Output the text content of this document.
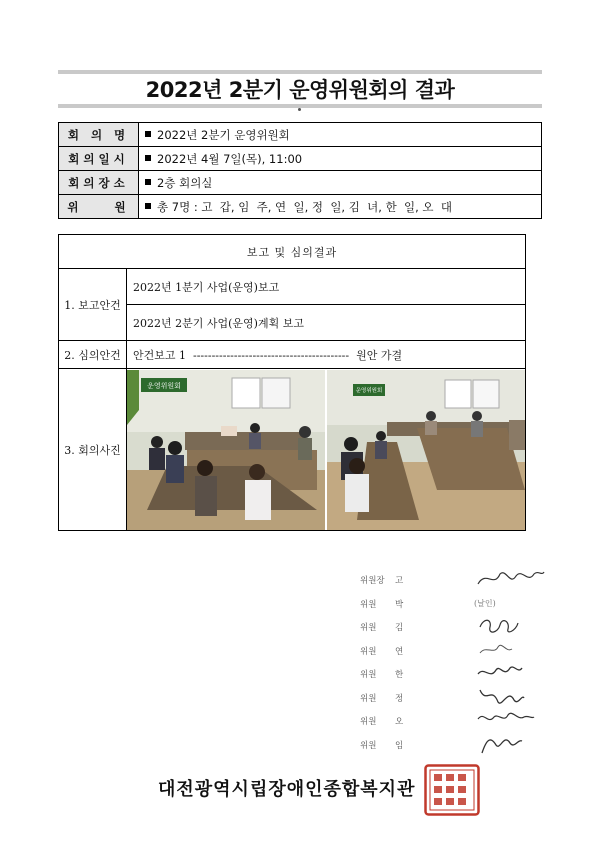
2022년 2분기 운영위원회의 결과
회 의 명	2022년 2분기 운영위원회
회의일시	2022년 4월 7일(목), 11:00
회의장소	2층 회의실
위    원	총 7명 : 고  갑, 임  주, 연  일, 정  일, 김  녀, 한  일, 오  대
보고 및 심의결과	
1. 보고안건	2022년 1분기 사업(운영)보고
	2022년 2분기 사업(운영)계획 보고
2. 심의안건	안건보고 1  ------------------------------------------  원안 가결
3. 회의사진	운영위원회
운영위원회
위원장 고
위원 박	(날인)
위원 김
위원 연
위원 한
위원 정
위원 오
위원 임
대전광역시립장애인종합복지관
